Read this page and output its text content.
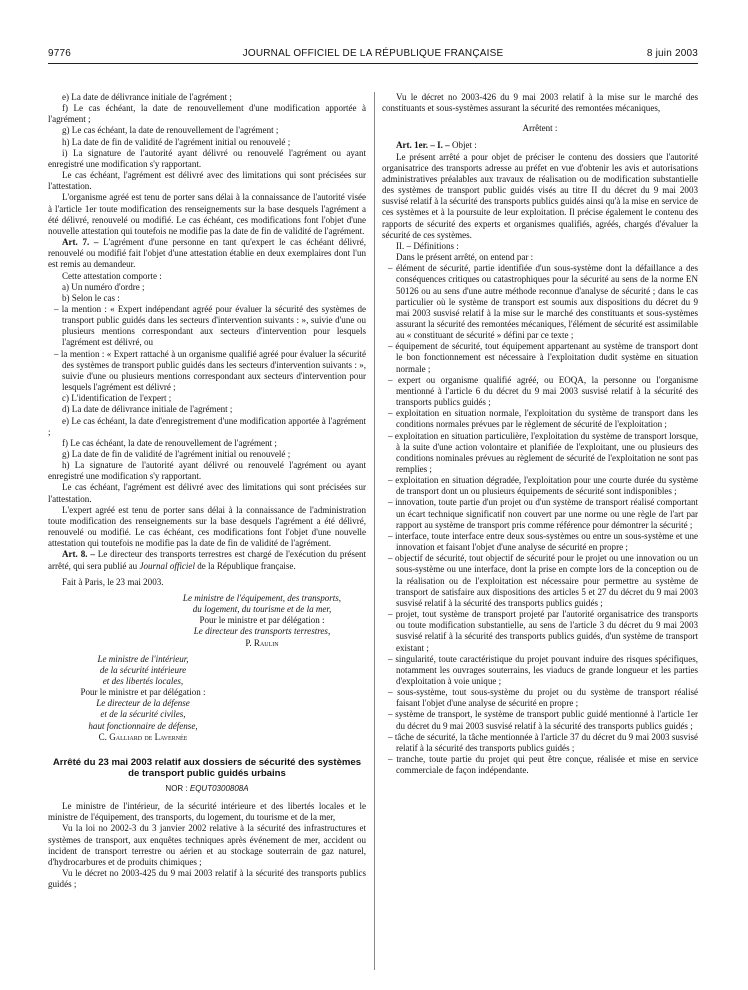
9776	JOURNAL OFFICIEL DE LA RÉPUBLIQUE FRANÇAISE	8 juin 2003

e) La date de délivrance initiale de l'agrément ;

f) Le cas échéant, la date de renouvellement d'une modification apportée à l'agrément ;

g) Le cas échéant, la date de renouvellement de l'agrément ;

h) La date de fin de validité de l'agrément initial ou renouvelé ;

i) La signature de l'autorité ayant délivré ou renouvelé l'agrément ou ayant enregistré une modification s'y rapportant.

Le cas échéant, l'agrément est délivré avec des limitations qui sont précisées sur l'attestation.

L'organisme agréé est tenu de porter sans délai à la connaissance de l'autorité visée à l'article 1er toute modification des renseignements sur la base desquels l'agrément a été délivré, renouvelé ou modifié. Le cas échéant, ces modifications font l'objet d'une nouvelle attestation qui toutefois ne modifie pas la date de fin de validité de l'agrément.

Art. 7. – L'agrément d'une personne en tant qu'expert le cas échéant délivré, renouvelé ou modifié fait l'objet d'une attestation établie en deux exemplaires dont l'un est remis au demandeur.

Cette attestation comporte :

a) Un numéro d'ordre ;

b) Selon le cas :

– la mention : « Expert indépendant agréé pour évaluer la sécurité des systèmes de transport public guidés dans les secteurs d'intervention suivants : », suivie d'une ou plusieurs mentions correspondant aux secteurs d'intervention pour lesquels l'agrément est délivré, ou

– la mention : « Expert rattaché à un organisme qualifié agréé pour évaluer la sécurité des systèmes de transport public guidés dans les secteurs d'intervention suivants : », suivie d'une ou plusieurs mentions correspondant aux secteurs d'intervention pour lesquels l'agrément est délivré ;

c) L'identification de l'expert ;

d) La date de délivrance initiale de l'agrément ;

e) Le cas échéant, la date d'enregistrement d'une modification apportée à l'agrément ;

f) Le cas échéant, la date de renouvellement de l'agrément ;

g) La date de fin de validité de l'agrément initial ou renouvelé ;

h) La signature de l'autorité ayant délivré ou renouvelé l'agrément ou ayant enregistré une modification s'y rapportant.

Le cas échéant, l'agrément est délivré avec des limitations qui sont précisées sur l'attestation.

L'expert agréé est tenu de porter sans délai à la connaissance de l'administration toute modification des renseignements sur la base desquels l'agrément a été délivré, renouvelé ou modifié. Le cas échéant, ces modifications font l'objet d'une nouvelle attestation qui toutefois ne modifie pas la date de fin de validité de l'agrément.

Art. 8. – Le directeur des transports terrestres est chargé de l'exécution du présent arrêté, qui sera publié au Journal officiel de la République française.

Fait à Paris, le 23 mai 2003.

Le ministre de l'équipement, des transports,

du logement, du tourisme et de la mer,

Pour le ministre et par délégation :

Le directeur des transports terrestres,

P. Raulin

Le ministre de l'intérieur,

de la sécurité intérieure

et des libertés locales,

Pour le ministre et par délégation :

Le directeur de la défense

et de la sécurité civiles,

haut fonctionnaire de défense,

C. Galliard de Lavernée

Arrêté du 23 mai 2003 relatif aux dossiers de sécurité des systèmes de transport public guidés urbains

NOR : EQUT0300808A

Le ministre de l'intérieur, de la sécurité intérieure et des libertés locales et le ministre de l'équipement, des transports, du logement, du tourisme et de la mer,

Vu la loi no 2002-3 du 3 janvier 2002 relative à la sécurité des infrastructures et systèmes de transport, aux enquêtes techniques après événement de mer, accident ou incident de transport terrestre ou aérien et au stockage souterrain de gaz naturel, d'hydrocarbures et de produits chimiques ;

Vu le décret no 2003-425 du 9 mai 2003 relatif à la sécurité des transports publics guidés ;

Vu le décret no 2003-426 du 9 mai 2003 relatif à la mise sur le marché des constituants et sous-systèmes assurant la sécurité des remontées mécaniques,

Arrêtent :

Art. 1er. – I. – Objet :

Le présent arrêté a pour objet de préciser le contenu des dossiers que l'autorité organisatrice des transports adresse au préfet en vue d'obtenir les avis et autorisations administratives préalables aux travaux de réalisation ou de modification substantielle des systèmes de transport public guidés visés au titre II du décret du 9 mai 2003 susvisé relatif à la sécurité des transports publics guidés ainsi qu'à la mise en service de ces systèmes et à la poursuite de leur exploitation. Il précise également le contenu des rapports de sécurité des experts et organismes qualifiés, agréés, chargés d'évaluer la sécurité de ces systèmes.

II. – Définitions :

Dans le présent arrêté, on entend par :

– élément de sécurité, partie identifiée d'un sous-système dont la défaillance a des conséquences critiques ou catastrophiques pour la sécurité au sens de la norme EN 50126 ou au sens d'une autre méthode reconnue d'analyse de sécurité ; dans le cas particulier où le système de transport est soumis aux dispositions du décret du 9 mai 2003 susvisé relatif à la mise sur le marché des constituants et sous-systèmes assurant la sécurité des remontées mécaniques, l'élément de sécurité est assimilable au « constituant de sécurité » défini par ce texte ;

– équipement de sécurité, tout équipement appartenant au système de transport dont le bon fonctionnement est nécessaire à l'exploitation dudit système en situation normale ;

– expert ou organisme qualifié agréé, ou EOQA, la personne ou l'organisme mentionné à l'article 6 du décret du 9 mai 2003 susvisé relatif à la sécurité des transports publics guidés ;

– exploitation en situation normale, l'exploitation du système de transport dans les conditions normales prévues par le règlement de sécurité de l'exploitation ;

– exploitation en situation particulière, l'exploitation du système de transport lorsque, à la suite d'une action volontaire et planifiée de l'exploitant, une ou plusieurs des conditions nominales prévues au règlement de sécurité de l'exploitation ne sont pas remplies ;

– exploitation en situation dégradée, l'exploitation pour une courte durée du système de transport dont un ou plusieurs équipements de sécurité sont indisponibles ;

– innovation, toute partie d'un projet ou d'un système de transport réalisé comportant un écart technique significatif non couvert par une norme ou une règle de l'art par rapport au système de transport pris comme référence pour démontrer la sécurité ;

– interface, toute interface entre deux sous-systèmes ou entre un sous-système et une innovation et faisant l'objet d'une analyse de sécurité en propre ;

– objectif de sécurité, tout objectif de sécurité pour le projet ou une innovation ou un sous-système ou une interface, dont la prise en compte lors de la conception ou de la réalisation ou de l'exploitation est nécessaire pour permettre au système de transport de satisfaire aux dispositions des articles 5 et 27 du décret du 9 mai 2003 susvisé relatif à la sécurité des transports publics guidés ;

– projet, tout système de transport projeté par l'autorité organisatrice des transports ou toute modification substantielle, au sens de l'article 3 du décret du 9 mai 2003 susvisé relatif à la sécurité des transports publics guidés, d'un système de transport existant ;

– singularité, toute caractéristique du projet pouvant induire des risques spécifiques, notamment les ouvrages souterrains, les viaducs de grande longueur et les parties d'exploitation à voie unique ;

– sous-système, tout sous-système du projet ou du système de transport réalisé faisant l'objet d'une analyse de sécurité en propre ;

– système de transport, le système de transport public guidé mentionné à l'article 1er du décret du 9 mai 2003 susvisé relatif à la sécurité des transports publics guidés ;

– tâche de sécurité, la tâche mentionnée à l'article 37 du décret du 9 mai 2003 susvisé relatif à la sécurité des transports publics guidés ;

– tranche, toute partie du projet qui peut être conçue, réalisée et mise en service commerciale de façon indépendante.
